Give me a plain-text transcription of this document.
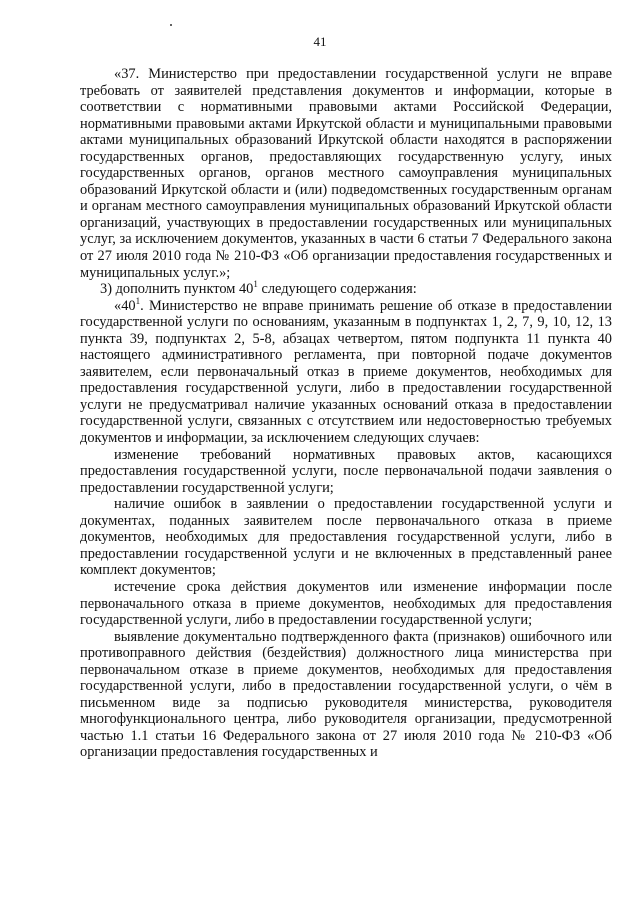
41

«37. Министерство при предоставлении государственной услуги не вправе требовать от заявителей представления документов и информации, которые в соответствии с нормативными правовыми актами Российской Федерации, нормативными правовыми актами Иркутской области и муниципальными правовыми актами муниципальных образований Иркутской области находятся в распоряжении государственных органов, предоставляющих государственную услугу, иных государственных органов, органов местного самоуправления муниципальных образований Иркутской области и (или) подведомственных государственным органам и органам местного самоуправления муниципальных образований Иркутской области организаций, участвующих в предоставлении государственных или муниципальных услуг, за исключением документов, указанных в части 6 статьи 7 Федерального закона от 27 июля 2010 года № 210-ФЗ «Об организации предоставления государственных и муниципальных услуг.»;

3) дополнить пунктом $40^1$ следующего содержания:

«$40^1$. Министерство не вправе принимать решение об отказе в предоставлении государственной услуги по основаниям, указанным в подпунктах 1, 2, 7, 9, 10, 12, 13 пункта 39, подпунктах 2, 5-8, абзацах четвертом, пятом подпункта 11 пункта 40 настоящего административного регламента, при повторной подаче документов заявителем, если первоначальный отказ в приеме документов, необходимых для предоставления государственной услуги, либо в предоставлении государственной услуги не предусматривал наличие указанных оснований отказа в предоставлении государственной услуги, связанных с отсутствием или недостоверностью требуемых документов и информации, за исключением следующих случаев:

изменение требований нормативных правовых актов, касающихся предоставления государственной услуги, после первоначальной подачи заявления о предоставлении государственной услуги;

наличие ошибок в заявлении о предоставлении государственной услуги и документах, поданных заявителем после первоначального отказа в приеме документов, необходимых для предоставления государственной услуги, либо в предоставлении государственной услуги и не включенных в представленный ранее комплект документов;

истечение срока действия документов или изменение информации после первоначального отказа в приеме документов, необходимых для предоставления государственной услуги, либо в предоставлении государственной услуги;

выявление документально подтвержденного факта (признаков) ошибочного или противоправного действия (бездействия) должностного лица министерства при первоначальном отказе в приеме документов, необходимых для предоставления государственной услуги, либо в предоставлении государственной услуги, о чём в письменном виде за подписью руководителя министерства, руководителя многофункционального центра, либо руководителя организации, предусмотренной частью 1.1 статьи 16 Федерального закона от 27 июля 2010 года № 210-ФЗ «Об организации предоставления государственных и
